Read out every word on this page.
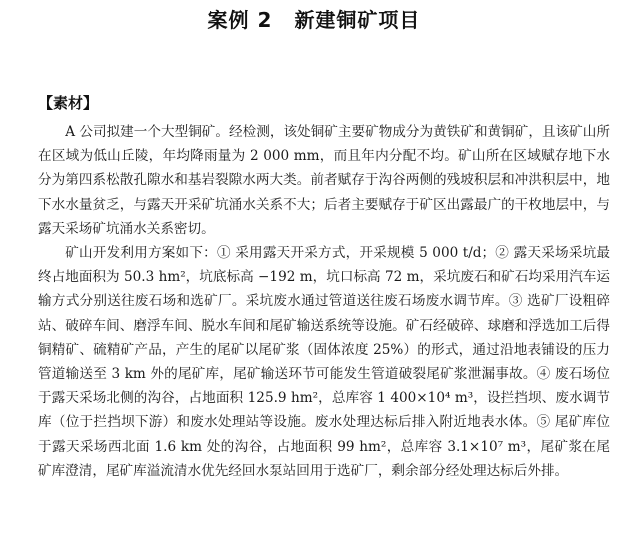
案例 2 新建铜矿项目
【素材】

A 公司拟建一个大型铜矿。经检测，该处铜矿主要矿物成分为黄铁矿和黄铜矿，且该矿山所在区域为低山丘陵，年均降雨量为 2 000 mm，而且年内分配不均。矿山所在区域赋存地下水分为第四系松散孔隙水和基岩裂隙水两大类。前者赋存于沟谷两侧的残坡积层和冲洪积层中，地下水水量贫乏，与露天开采矿坑涌水关系不大；后者主要赋存于矿区出露最广的干枚地层中，与露天采场矿坑涌水关系密切。

矿山开发利用方案如下：① 采用露天开采方式，开采规模 5 000 t/d；② 露天采场采坑最终占地面积为 50.3 hm²，坑底标高 −192 m，坑口标高 72 m，采坑废石和矿石均采用汽车运输方式分别送往废石场和选矿厂。采坑废水通过管道送往废石场废水调节库。③ 选矿厂设粗碎站、破碎车间、磨浮车间、脱水车间和尾矿输送系统等设施。矿石经破碎、球磨和浮选加工后得铜精矿、硫精矿产品，产生的尾矿以尾矿浆（固体浓度 25%）的形式，通过沿地表铺设的压力管道输送至 3 km 外的尾矿库，尾矿输送环节可能发生管道破裂尾矿浆泄漏事故。④ 废石场位于露天采场北侧的沟谷，占地面积 125.9 hm²，总库容 1 400×10⁴ m³，设拦挡坝、废水调节库（位于拦挡坝下游）和废水处理站等设施。废水处理达标后排入附近地表水体。⑤ 尾矿库位于露天采场西北面 1.6 km 处的沟谷，占地面积 99 hm²，总库容 3.1×10⁷ m³，尾矿浆在尾矿库澄清，尾矿库溢流清水优先经回水泵站回用于选矿厂，剩余部分经处理达标后外排。
